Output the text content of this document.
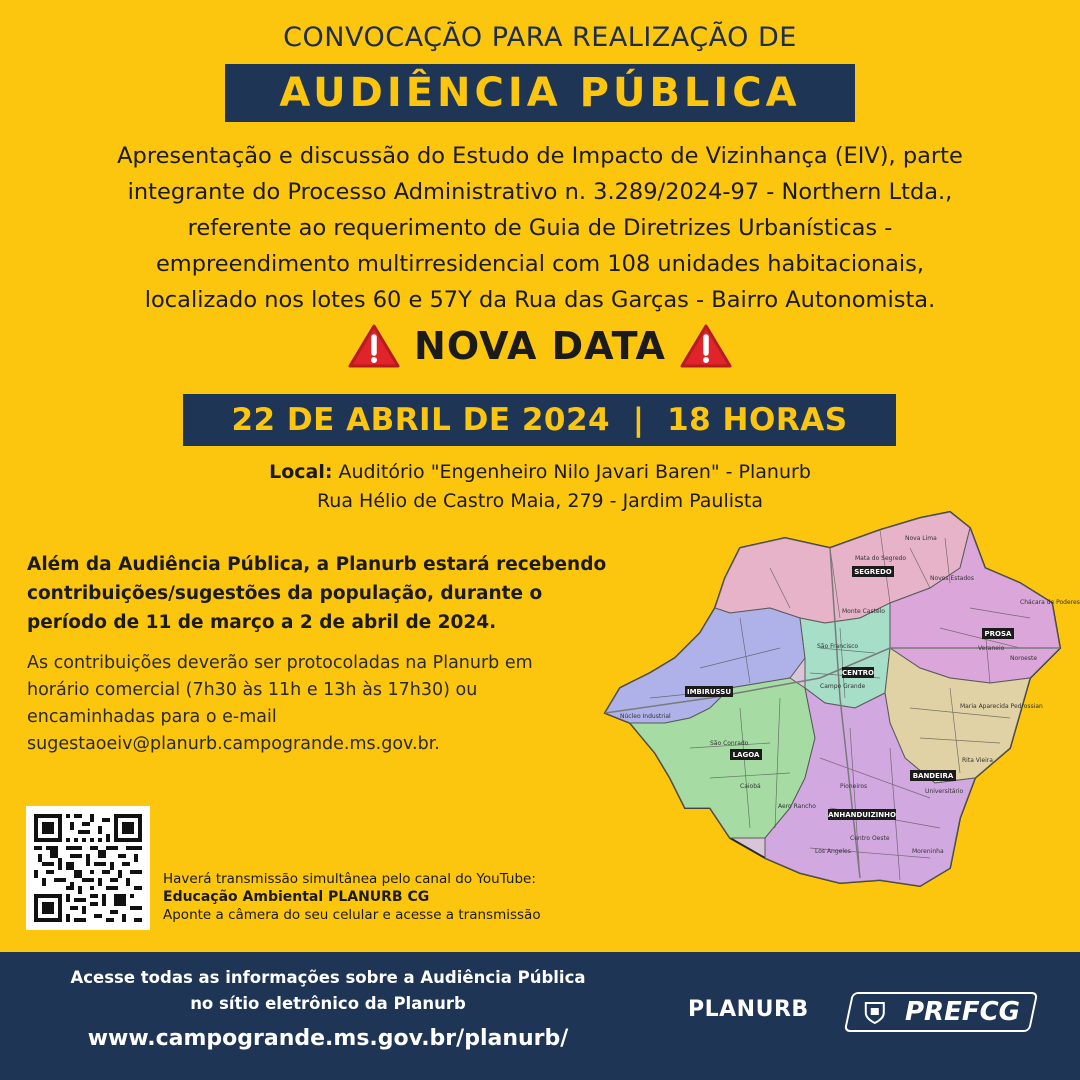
CONVOCAÇÃO PARA REALIZAÇÃO DE
AUDIÊNCIA PÚBLICA
Apresentação e discussão do Estudo de Impacto de Vizinhança (EIV), parte
integrante do Processo Administrativo n. 3.289/2024-97 - Northern Ltda.,
referente ao requerimento de Guia de Diretrizes Urbanísticas -
empreendimento multirresidencial com 108 unidades habitacionais,
localizado nos lotes 60 e 57Y da Rua das Garças - Bairro Autonomista.
NOVA DATA
22 DE ABRIL DE 2024  |  18 HORAS
Local: Auditório "Engenheiro Nilo Javari Baren" - Planurb
Rua Hélio de Castro Maia, 279 - Jardim Paulista
Além da Audiência Pública, a Planurb estará recebendo
contribuições/sugestões da população, durante o
período de 11 de março a 2 de abril de 2024.
As contribuições deverão ser protocoladas na Planurb em
horário comercial (7h30 às 11h e 13h às 17h30) ou
encaminhadas para o e-mail
sugestaoeiv@planurb.campogrande.ms.gov.br.
SEGREDO
PROSA
CENTRO
IMBIRUSSU
LAGOA
BANDEIRA
ANHANDUIZINHO
Nova Lima
Mata do Segredo
Monte Castelo
Novos Estados
Chácara de Poderes
Veraneio
Noroeste
São Francisco
Campo Grande
Maria Aparecida Pedrossian
Rita Vieira
Universitário
São Conrado
Núcleo Industrial
Caiobá	Pioneiros
Aero Rancho
Centro Oeste
Los Angeles	Moreninha
Haverá transmissão simultânea pelo canal do YouTube:
Educação Ambiental PLANURB CG
Aponte a câmera do seu celular e acesse a transmissão
Acesse todas as informações sobre a Audiência Pública
no sítio eletrônico da Planurb
www.campogrande.ms.gov.br/planurb/
PLANURB	PREFCG
